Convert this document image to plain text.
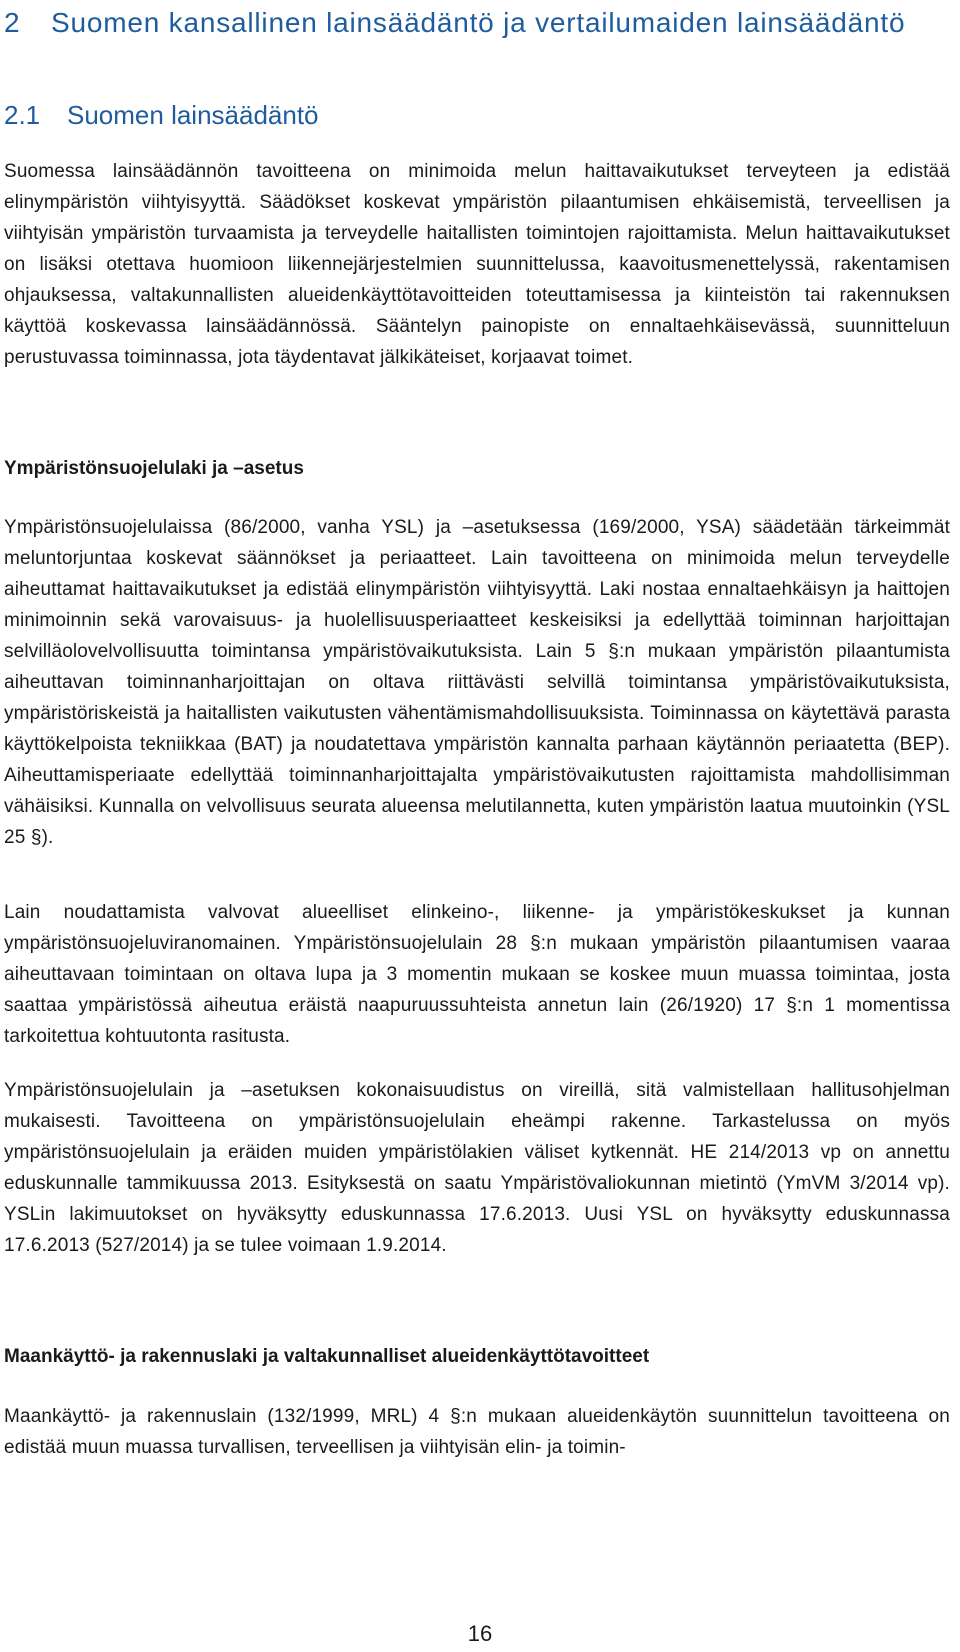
2 Suomen kansallinen lainsäädäntö ja vertailumaiden lainsäädäntö
2.1 Suomen lainsäädäntö

Suomessa lainsäädännön tavoitteena on minimoida melun haittavaikutukset terveyteen ja edistää elinympäristön viihtyisyyttä. Säädökset koskevat ympäristön pilaantumisen ehkäisemistä, terveellisen ja viihtyisän ympäristön turvaamista ja terveydelle haitallisten toimintojen rajoittamista. Melun haittavaikutukset on lisäksi otettava huomioon liikennejärjestelmien suunnittelussa, kaavoitusmenettelyssä, rakentamisen ohjauksessa, valtakunnallisten alueidenkäyttötavoitteiden toteuttamisessa ja kiinteistön tai rakennuksen käyttöä koskevassa lainsäädännössä. Sääntelyn painopiste on ennaltaehkäisevässä, suunnitteluun perustuvassa toiminnassa, jota täydentavat jälkikäteiset, korjaavat toimet.

Ympäristönsuojelulaki ja –asetus

Ympäristönsuojelulaissa (86/2000, vanha YSL) ja –asetuksessa (169/2000, YSA) säädetään tärkeimmät meluntorjuntaa koskevat säännökset ja periaatteet. Lain tavoitteena on minimoida melun terveydelle aiheuttamat haittavaikutukset ja edistää elinympäristön viihtyisyyttä. Laki nostaa ennaltaehkäisyn ja haittojen minimoinnin sekä varovaisuus- ja huolellisuusperiaatteet keskeisiksi ja edellyttää toiminnan harjoittajan selvilläolovelvollisuutta toimintansa ympäristövaikutuksista. Lain 5 §:n mukaan ympäristön pilaantumista aiheuttavan toiminnanharjoittajan on oltava riittävästi selvillä toimintansa ympäristövaikutuksista, ympäristöriskeistä ja haitallisten vaikutusten vähentämismahdollisuuksista. Toiminnassa on käytettävä parasta käyttökelpoista tekniikkaa (BAT) ja noudatettava ympäristön kannalta parhaan käytännön periaatetta (BEP). Aiheuttamisperiaate edellyttää toiminnanharjoittajalta ympäristövaikutusten rajoittamista mahdollisimman vähäisiksi. Kunnalla on velvollisuus seurata alueensa melutilannetta, kuten ympäristön laatua muutoinkin (YSL 25 §).

Lain noudattamista valvovat alueelliset elinkeino-, liikenne- ja ympäristökeskukset ja kunnan ympäristönsuojeluviranomainen. Ympäristönsuojelulain 28 §:n mukaan ympäristön pilaantumisen vaaraa aiheuttavaan toimintaan on oltava lupa ja 3 momentin mukaan se koskee muun muassa toimintaa, josta saattaa ympäristössä aiheutua eräistä naapuruussuhteista annetun lain (26/1920) 17 §:n 1 momentissa tarkoitettua kohtuutonta rasitusta.

Ympäristönsuojelulain ja –asetuksen kokonaisuudistus on vireillä, sitä valmistellaan hallitusohjelman mukaisesti. Tavoitteena on ympäristönsuojelulain eheämpi rakenne. Tarkastelussa on myös ympäristönsuojelulain ja eräiden muiden ympäristölakien väliset kytkennät. HE 214/2013 vp on annettu eduskunnalle tammikuussa 2013. Esityksestä on saatu Ympäristövaliokunnan mietintö (YmVM 3/2014 vp). YSLin lakimuutokset on hyväksytty eduskunnassa 17.6.2013. Uusi YSL on hyväksytty eduskunnassa 17.6.2013 (527/2014) ja se tulee voimaan 1.9.2014.

Maankäyttö- ja rakennuslaki ja valtakunnalliset alueidenkäyttötavoitteet

Maankäyttö- ja rakennuslain (132/1999, MRL) 4 §:n mukaan alueidenkäytön suunnittelun tavoitteena on edistää muun muassa turvallisen, terveellisen ja viihtyisän elin- ja toimin-

16
